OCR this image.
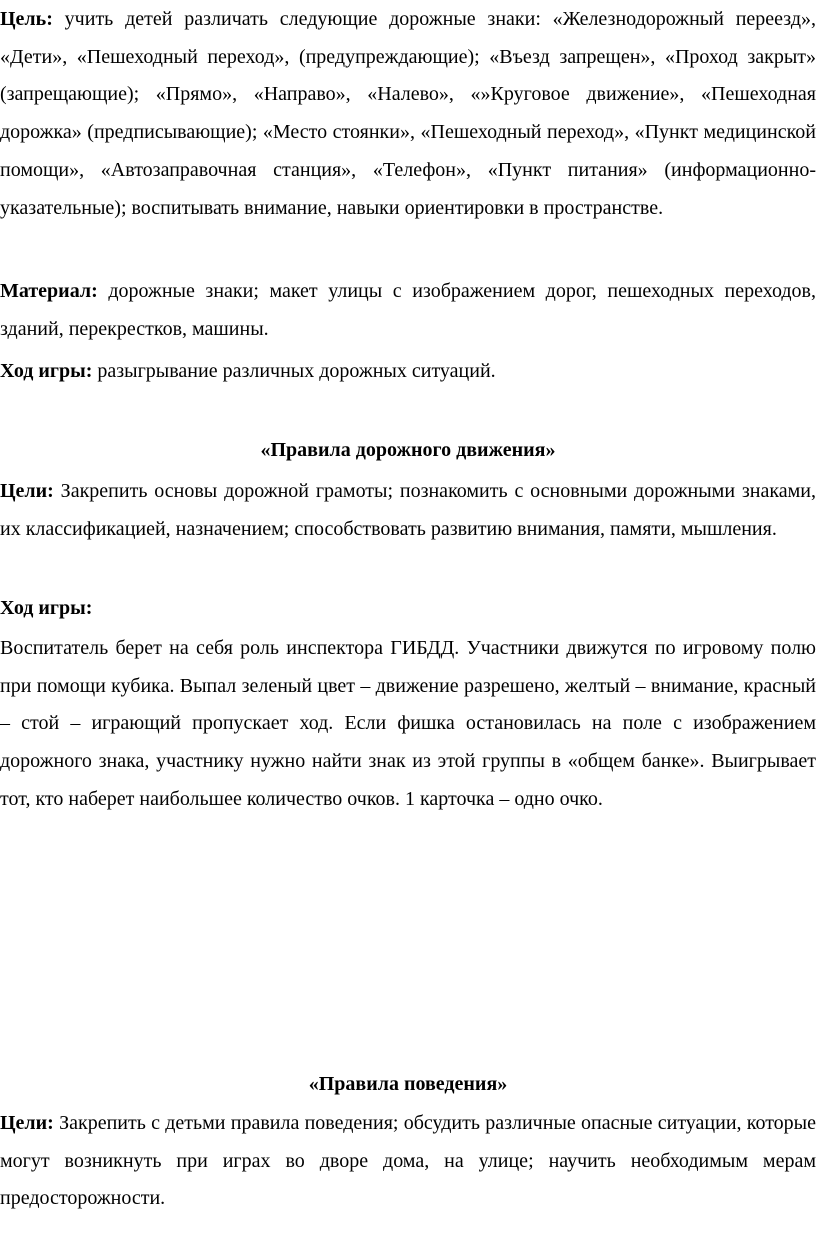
Цель: учить детей различать следующие дорожные знаки: «Железнодорожный переезд», «Дети», «Пешеходный переход», (предупреждающие); «Въезд запрещен», «Проход закрыт» (запрещающие); «Прямо», «Направо», «Налево», «»Круговое движение», «Пешеходная дорожка» (предписывающие); «Место стоянки», «Пешеходный переход», «Пункт медицинской помощи», «Автозаправочная станция», «Телефон», «Пункт питания» (информационно-указательные); воспитывать внимание, навыки ориентировки в пространстве.

Материал: дорожные знаки; макет улицы с изображением дорог, пешеходных переходов, зданий, перекрестков, машины.

Ход игры: разыгрывание различных дорожных ситуаций.

«Правила дорожного движения»

Цели: Закрепить основы дорожной грамоты; познакомить с основными дорожными знаками, их классификацией, назначением; способствовать развитию внимания, памяти, мышления.

Ход игры:

Воспитатель берет на себя роль инспектора ГИБДД. Участники движутся по игровому полю при помощи кубика. Выпал зеленый цвет – движение разрешено, желтый – внимание, красный – стой – играющий пропускает ход. Если фишка остановилась на поле с изображением дорожного знака, участнику нужно найти знак из этой группы в «общем банке». Выигрывает тот, кто наберет наибольшее количество очков. 1 карточка – одно очко.

«Правила поведения»

Цели: Закрепить с детьми правила поведения; обсудить различные опасные ситуации, которые могут возникнуть при играх во дворе дома, на улице; научить необходимым мерам предосторожности.
